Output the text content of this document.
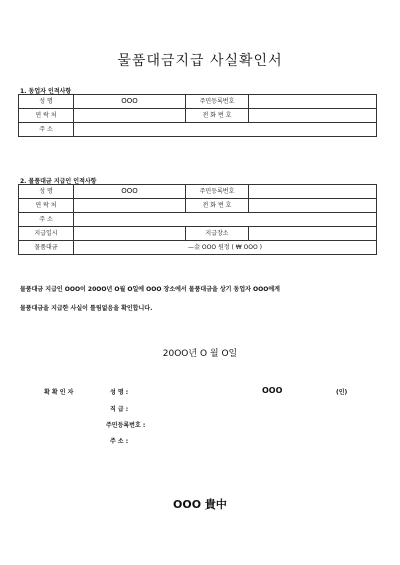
물품대금지급 사실확인서
1. 동업자 인적사항
성 명	OOO	주민등록번호	
연 락 처		전 화 번 호	
주 소			
2. 물품대금 지급인 인적사항
성 명	OOO	주민등록번호	
연 락 처		전 화 번 호	
주 소			
지급일시		지급장소	
물품대금	—金 OOO 원정 ( ₩ OOO )		
물품대금 지급인 OOO이 20OO년 O월 O일에 OOO 장소에서 물품대금을 상기 동업자 OOO에게
물품대금을 지급한 사실이 틀림없음을 확인합니다.
20OO년 O 월 O일
확 확 인 자	성 명 :	OOO	(인)
직 급 :
주민등록번호 :
주 소 :
OOO 貴中
